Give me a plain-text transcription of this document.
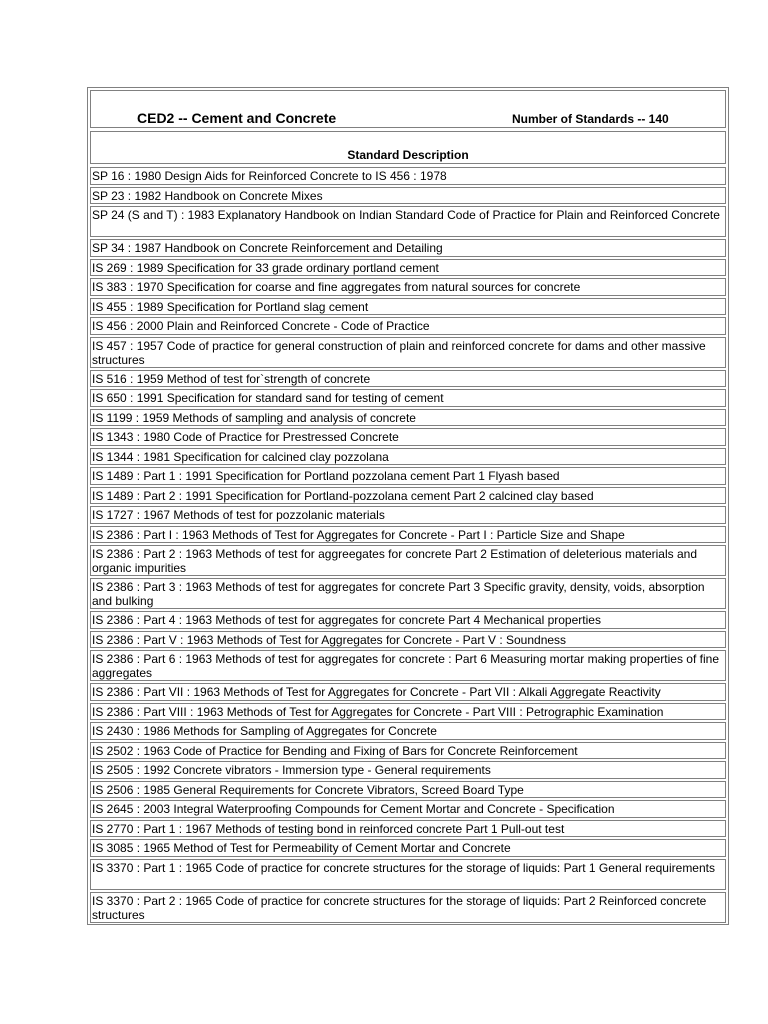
CED2 -- Cement and Concrete	Number of Standards -- 140
Standard Description
SP 16 : 1980 Design Aids for Reinforced Concrete to IS 456 : 1978
SP 23 : 1982 Handbook on Concrete Mixes
SP 24 (S and T) : 1983 Explanatory Handbook on Indian Standard Code of Practice for Plain and Reinforced Concrete
SP 34 : 1987 Handbook on Concrete Reinforcement and Detailing
IS 269 : 1989 Specification for 33 grade ordinary portland cement
IS 383 : 1970 Specification for coarse and fine aggregates from natural sources for concrete
IS 455 : 1989 Specification for Portland slag cement
IS 456 : 2000 Plain and Reinforced Concrete - Code of Practice
IS 457 : 1957 Code of practice for general construction of plain and reinforced concrete for dams and other massive structures
IS 516 : 1959 Method of test for`strength of concrete
IS 650 : 1991 Specification for standard sand for testing of cement
IS 1199 : 1959 Methods of sampling and analysis of concrete
IS 1343 : 1980 Code of Practice for Prestressed Concrete
IS 1344 : 1981 Specification for calcined clay pozzolana
IS 1489 : Part 1 : 1991 Specification for Portland pozzolana cement Part 1 Flyash based
IS 1489 : Part 2 : 1991 Specification for Portland-pozzolana cement Part 2 calcined clay based
IS 1727 : 1967 Methods of test for pozzolanic materials
IS 2386 : Part I : 1963 Methods of Test for Aggregates for Concrete - Part I : Particle Size and Shape
IS 2386 : Part 2 : 1963 Methods of test for aggreegates for concrete Part 2 Estimation of deleterious materials and organic impurities
IS 2386 : Part 3 : 1963 Methods of test for aggregates for concrete Part 3 Specific gravity, density, voids, absorption and bulking
IS 2386 : Part 4 : 1963 Methods of test for aggregates for concrete Part 4 Mechanical properties
IS 2386 : Part V : 1963 Methods of Test for Aggregates for Concrete - Part V : Soundness
IS 2386 : Part 6 : 1963 Methods of test for aggregates for concrete : Part 6 Measuring mortar making properties of fine aggregates
IS 2386 : Part VII : 1963 Methods of Test for Aggregates for Concrete - Part VII : Alkali Aggregate Reactivity
IS 2386 : Part VIII : 1963 Methods of Test for Aggregates for Concrete - Part VIII : Petrographic Examination
IS 2430 : 1986 Methods for Sampling of Aggregates for Concrete
IS 2502 : 1963 Code of Practice for Bending and Fixing of Bars for Concrete Reinforcement
IS 2505 : 1992 Concrete vibrators - Immersion type - General requirements
IS 2506 : 1985 General Requirements for Concrete Vibrators, Screed Board Type
IS 2645 : 2003 Integral Waterproofing Compounds for Cement Mortar and Concrete - Specification
IS 2770 : Part 1 : 1967 Methods of testing bond in reinforced concrete Part 1 Pull-out test
IS 3085 : 1965 Method of Test for Permeability of Cement Mortar and Concrete
IS 3370 : Part 1 : 1965 Code of practice for concrete structures for the storage of liquids: Part 1 General requirements
IS 3370 : Part 2 : 1965 Code of practice for concrete structures for the storage of liquids: Part 2 Reinforced concrete structures
